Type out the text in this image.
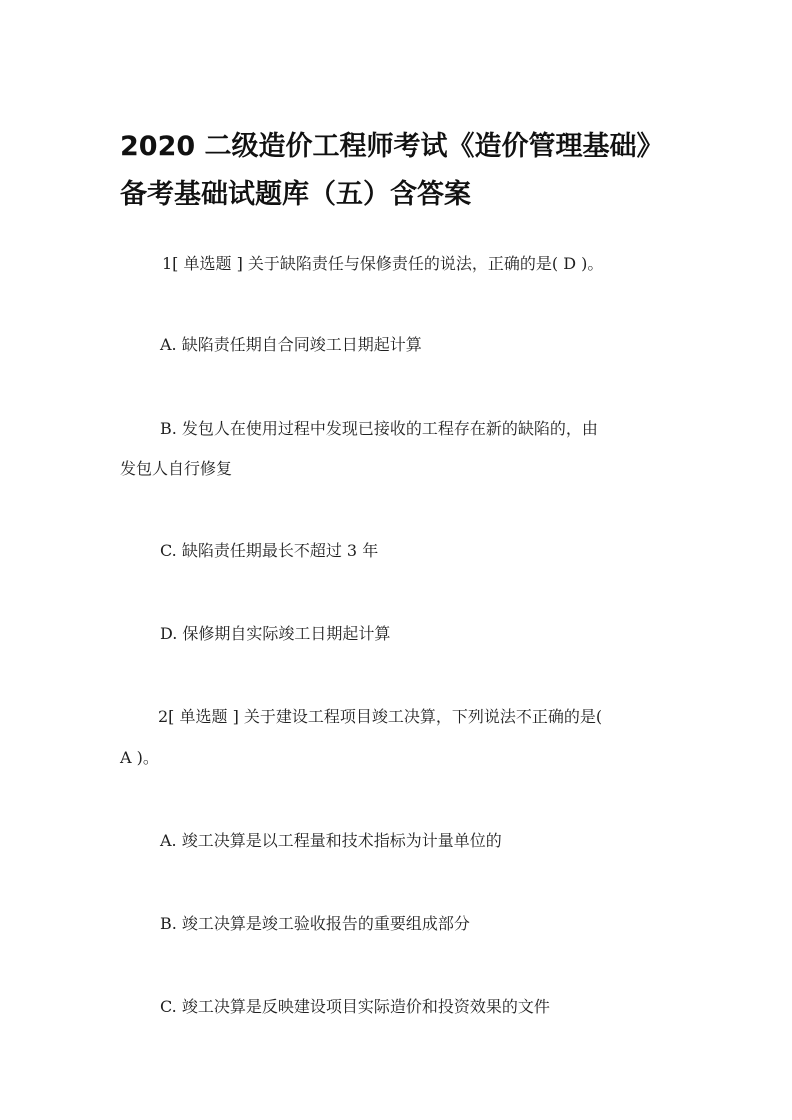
2020 二级造价工程师考试《造价管理基础》
备考基础试题库（五）含答案
1[ 单选题 ] 关于缺陷责任与保修责任的说法，正确的是( D )。
A. 缺陷责任期自合同竣工日期起计算
B. 发包人在使用过程中发现已接收的工程存在新的缺陷的，由
发包人自行修复
C. 缺陷责任期最长不超过 3 年
D. 保修期自实际竣工日期起计算
2[ 单选题 ] 关于建设工程项目竣工决算，下列说法不正确的是(
A )。
A. 竣工决算是以工程量和技术指标为计量单位的
B. 竣工决算是竣工验收报告的重要组成部分
C. 竣工决算是反映建设项目实际造价和投资效果的文件
